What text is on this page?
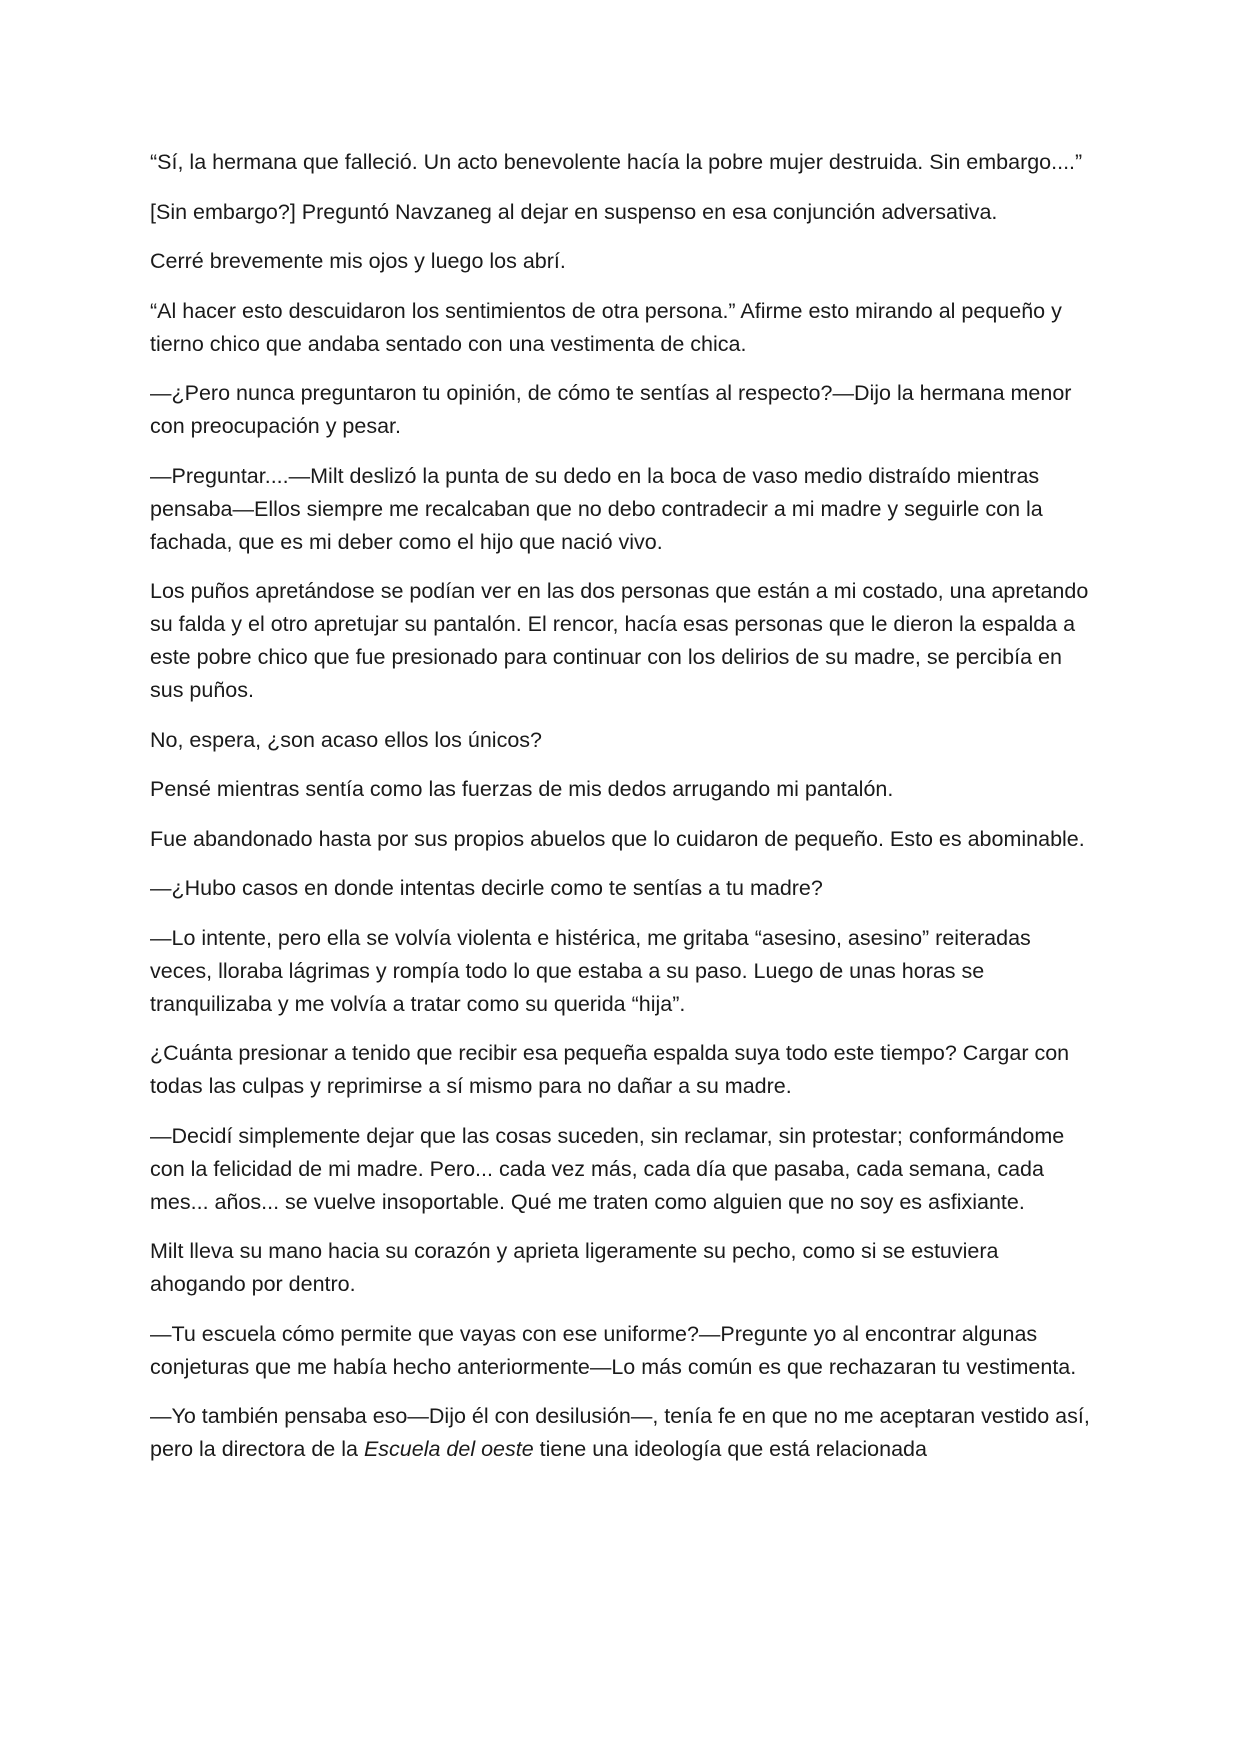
“Sí, la hermana que falleció. Un acto benevolente hacía la pobre mujer destruida. Sin embargo....”

[Sin embargo?] Preguntó Navzaneg al dejar en suspenso en esa conjunción adversativa.

Cerré brevemente mis ojos y luego los abrí.

“Al hacer esto descuidaron los sentimientos de otra persona.” Afirme esto mirando al pequeño y tierno chico que andaba sentado con una vestimenta de chica.

—¿Pero nunca preguntaron tu opinión, de cómo te sentías al respecto?—Dijo la hermana menor con preocupación y pesar.

—Preguntar....—Milt deslizó la punta de su dedo en la boca de vaso medio distraído mientras pensaba—Ellos siempre me recalcaban que no debo contradecir a mi madre y seguirle con la fachada, que es mi deber como el hijo que nació vivo.

Los puños apretándose se podían ver en las dos personas que están a mi costado, una apretando su falda y el otro apretujar su pantalón. El rencor, hacía esas personas que le dieron la espalda a este pobre chico que fue presionado para continuar con los delirios de su madre, se percibía en sus puños.

No, espera, ¿son acaso ellos los únicos?

Pensé mientras sentía como las fuerzas de mis dedos arrugando mi pantalón.

Fue abandonado hasta por sus propios abuelos que lo cuidaron de pequeño. Esto es abominable.

—¿Hubo casos en donde intentas decirle como te sentías a tu madre?

—Lo intente, pero ella se volvía violenta e histérica, me gritaba “asesino, asesino” reiteradas veces, lloraba lágrimas y rompía todo lo que estaba a su paso. Luego de unas horas se tranquilizaba y me volvía a tratar como su querida “hija”.

¿Cuánta presionar a tenido que recibir esa pequeña espalda suya todo este tiempo? Cargar con todas las culpas y reprimirse a sí mismo para no dañar a su madre.

—Decidí simplemente dejar que las cosas suceden, sin reclamar, sin protestar; conformándome con la felicidad de mi madre. Pero... cada vez más, cada día que pasaba, cada semana, cada mes... años... se vuelve insoportable. Qué me traten como alguien que no soy es asfixiante.

Milt lleva su mano hacia su corazón y aprieta ligeramente su pecho, como si se estuviera ahogando por dentro.

—Tu escuela cómo permite que vayas con ese uniforme?—Pregunte yo al encontrar algunas conjeturas que me había hecho anteriormente—Lo más común es que rechazaran tu vestimenta.

—Yo también pensaba eso—Dijo él con desilusión—, tenía fe en que no me aceptaran vestido así, pero la directora de la Escuela del oeste tiene una ideología que está relacionada
